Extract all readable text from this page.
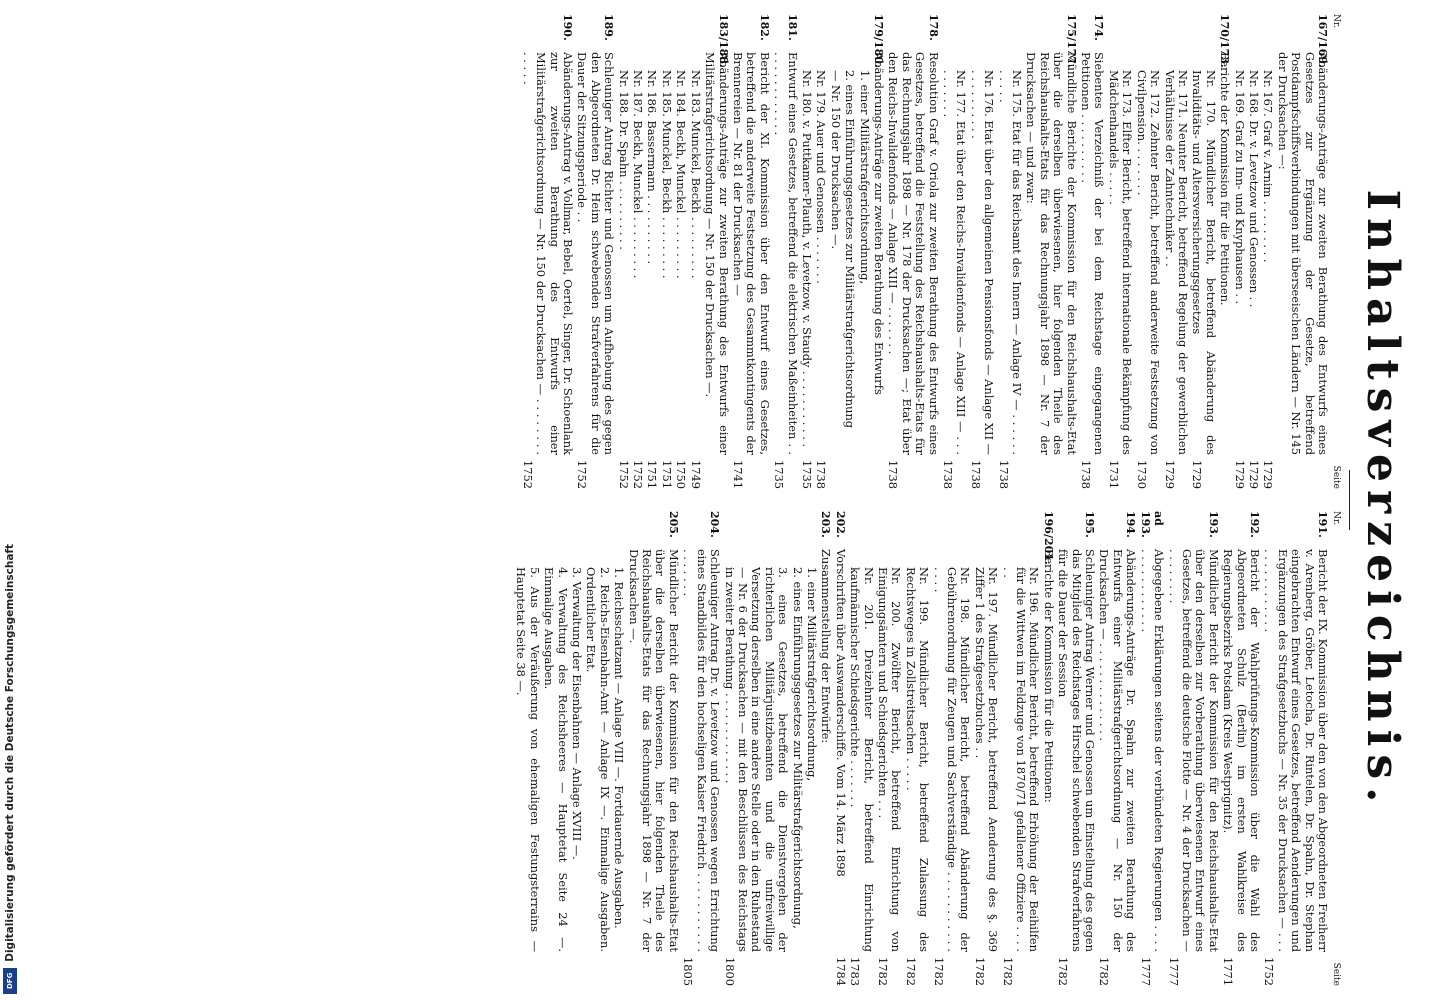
Digitalisierung gefördert durch die Deutsche Forschungsgemeinschaft
DFG
Inhaltsverzeichnis.
Nr.
Seite
167/169.
Abänderungs-Anträge zur zweiten Berathung des Entwurfs eines Gesetzes zur Ergänzung der Gesetze, betreffend Postdampfschiffsverbindungen mit überseeischen Ländern — Nr. 145 der Drucksachen —:
Nr. 167. Graf v. Arnim . . . . . . . . .
1729
Nr. 168. Dr. v. Levetzow und Genossen . .
1729
Nr. 169. Graf zu Inn- und Knyphausen . .
1729
170/173.
Berichte der Kommission für die Petitionen.
Nr. 170. Mündlicher Bericht, betreffend Abänderung des Invaliditäts- und Altersversicherungsgesetzes
1729
Nr. 171. Neunter Bericht, betreffend Regelung der gewerblichen Verhältnisse der Zahntechniker . .
1729
Nr. 172. Zehnter Bericht, betreffend anderweite Festsetzung von Civilpension. . . . . . . .
1730
Nr. 173. Elfter Bericht, betreffend internationale Bekämpfung des Mädchenhandels . . . . .
1731
174.
Siebentes Verzeichniß der bei dem Reichstage eingegangenen Petitionen . . . . . . . . . .
1738
175/177.
Mündliche Berichte der Kommission für den Reichshaushalts-Etat über die derselben überwiesenen, hier folgenden Theile des Reichshaushalts-Etats für das Rechnungsjahr 1898 — Nr. 7 der Drucksachen — und zwar:
Nr. 175. Etat für das Reichsamt des Innern — Anlage IV — . . . . . . . . . . .
1738
Nr. 176. Etat über den allgemeinen Pensionsfonds — Anlage XII — . . . . . . . . . .
1738
Nr. 177. Etat über den Reichs-Invalidenfonds — Anlage XIII — . . . . . . . . . .
1738
178.
Resolution Graf v. Oriola zur zweiten Berathung des Entwurfs eines Gesetzes, betreffend die Feststellung des Reichshaushalts-Etats für das Rechnungsjahr 1898 — Nr. 178 der Drucksachen —; Etat über den Reichs-Invalidenfonds — Anlage XIII — . . . . . . .
1738
179/180.
Abänderungs-Anträge zur zweiten Berathung des Entwurfs
1. einer Militärstrafgerichtsordnung,
2. eines Einführungsgesetzes zur Militärstrafgerichtsordnung
— Nr. 150 der Drucksachen —.
Nr. 179. Auer und Genossen . . . . . . .
1738
Nr. 180. v. Puttkamer-Plauth, v. Levetzow, v. Staudy . . . . . . . . . . .
1735
181.
Entwurf eines Gesetzes, betreffend die elektrischen Maßeinheiten . . . . . . . . . . . . . .
1735
182.
Bericht der XI. Kommission über den Entwurf eines Gesetzes, betreffend die anderweite Festsetzung des Gesammtkontingents der Brennereien — Nr. 81 der Drucksachen —
1741
183/188.
Abänderungs-Anträge zur zweiten Berathung des Entwurfs einer Militärstrafgerichtsordnung — Nr. 150 der Drucksachen —.
Nr. 183. Munckel, Beckh . . . . . . . . .
1749
Nr. 184. Beckh, Munckel . . . . . . . . .
1750
Nr. 185. Munckel, Beckh . . . . . . . . .
1751
Nr. 186. Bassermann . . . . . . . . . .
1751
Nr. 187. Beckh, Munckel . . . . . . . . .
1752
Nr. 188. Dr. Spahn . . . . . . . . . .
1752
189.
Schleuniger Antrag Richter und Genossen um Aufhebung des gegen den Abgeordneten Dr. Heim schwebenden Strafverfahrens für die Dauer der Sitzungsperiode . .
1752
190.
Abänderungs-Antrag v. Vollmar, Bebel, Oertel, Singer, Dr. Schoenlank zur zweiten Berathung des Entwurfs einer Militärstrafgerichtsordnung — Nr. 150 der Drucksachen — . . . . . . . . . . . . .
1752
Nr.
Seite
191.
Bericht der IX. Kommission über den von den Abgeordneten Freiherr v. Arenberg, Gröber, Letocha, Dr. Rintelen, Dr. Spahn, Dr. Stephan eingebrachten Entwurf eines Gesetzes, betreffend Aenderungen und Ergänzungen des Strafgesetzbuchs — Nr. 35 der Drucksachen — . . . . . . . . . . . . . . .
1752
192.
Bericht der Wahlprüfungs-Kommission über die Wahl des Abgeordneten Schulz (Berlin) im ersten Wahlkreise des Regierungsbezirks Potsdam (Kreis Westprignitz).
1771
193.
Mündlicher Bericht der Kommission für den Reichshaushalts-Etat über den derselben zur Vorberathung überwiesenen Entwurf eines Gesetzes, betreffend die deutsche Flotte — Nr. 4 der Drucksachen — . . . . . . . .
1777
ad 193.
Abgegebene Erklärungen seitens der verbündeten Regierungen . . . . . . . . . . . . . . . .
1777
194.
Abänderungs-Anträge Dr. Spahn zur zweiten Berathung des Entwurfs einer Militärstrafgerichtsordnung — Nr. 150 der Drucksachen — . . . . . . . . . . . . . .
1782
195.
Schleuniger Antrag Werner und Genossen um Einstellung des gegen das Mitglied des Reichstages Hirschel schwebenden Strafverfahrens für die Dauer der Session
1782
196/201.
Berichte der Kommission für die Petitionen:
Nr. 196. Mündlicher Bericht, betreffend Erhöhung der Beihilfen für die Wittwen im Feldzuge von 1870/71 gefallener Offiziere . . . . . .
1782
Nr. 197. Mündlicher Bericht, betreffend Aenderung des §. 369 Ziffer 1 des Strafgesetzbuches . .
1782
Nr. 198. Mündlicher Bericht, betreffend Abänderung der Gebührenordnung für Zeugen und Sachverständige . . . . . . . . . . . . . . .
1782
Nr. 199. Mündlicher Bericht, betreffend Zulassung des Rechtsweges in Zollstreitsachen . . . . .
1782
Nr. 200. Zwölfter Bericht, betreffend Einrichtung von Einigungsämtern und Schiedsgerichten . . .
1782
Nr. 201. Dreizehnter Bericht, betreffend Einrichtung kaufmännischer Schiedsgerichte . . . . . . .
1783
202.
Vorschriften über Auswanderschiffe. Vom 14. März 1898
1784
203.
Zusammenstellung der Entwürfe:
1. einer Militärstrafgerichtsordnung,
2. eines Einführungsgesetzes zur Militärstrafgerichtsordnung,
3. eines Gesetzes, betreffend die Dienstvergehen der richterlichen Militärjustizbeamten und die unfreiwillige Versetzung derselben in eine andere Stelle oder in den Ruhestand — Nr. 6 der Drucksachen — mit den Beschlüssen des Reichstags in zweiter Berathung . . . . . . . . . . . . .
1800
204.
Schleuniger Antrag Dr. v. Levetzow und Genossen wegen Errichtung eines Standbildes für den hochseligen Kaiser Friedrich . . . . . . . . . . . . . . . . . .
1805
205.
Mündlicher Bericht der Kommission für den Reichshaushalts-Etat über die derselben überwiesenen, hier folgenden Theile des Reichshaushalts-Etats für das Rechnungsjahr 1898 — Nr. 7 der Drucksachen —.
1. Reichsschatzamt — Anlage VIII —. Fortdauernde Ausgaben.
2. Reichs-Eisenbahn-Amt — Anlage IX —. Einmalige Ausgaben. Ordentlicher Etat.
3. Verwaltung der Eisenbahnen — Anlage XVIII —.
4. Verwaltung des Reichsheeres — Hauptetat Seite 24 —. Einmalige Ausgaben.
5. Aus der Veräußerung von ehemaligen Festungsterrains — Hauptetat Seite 38 —.
